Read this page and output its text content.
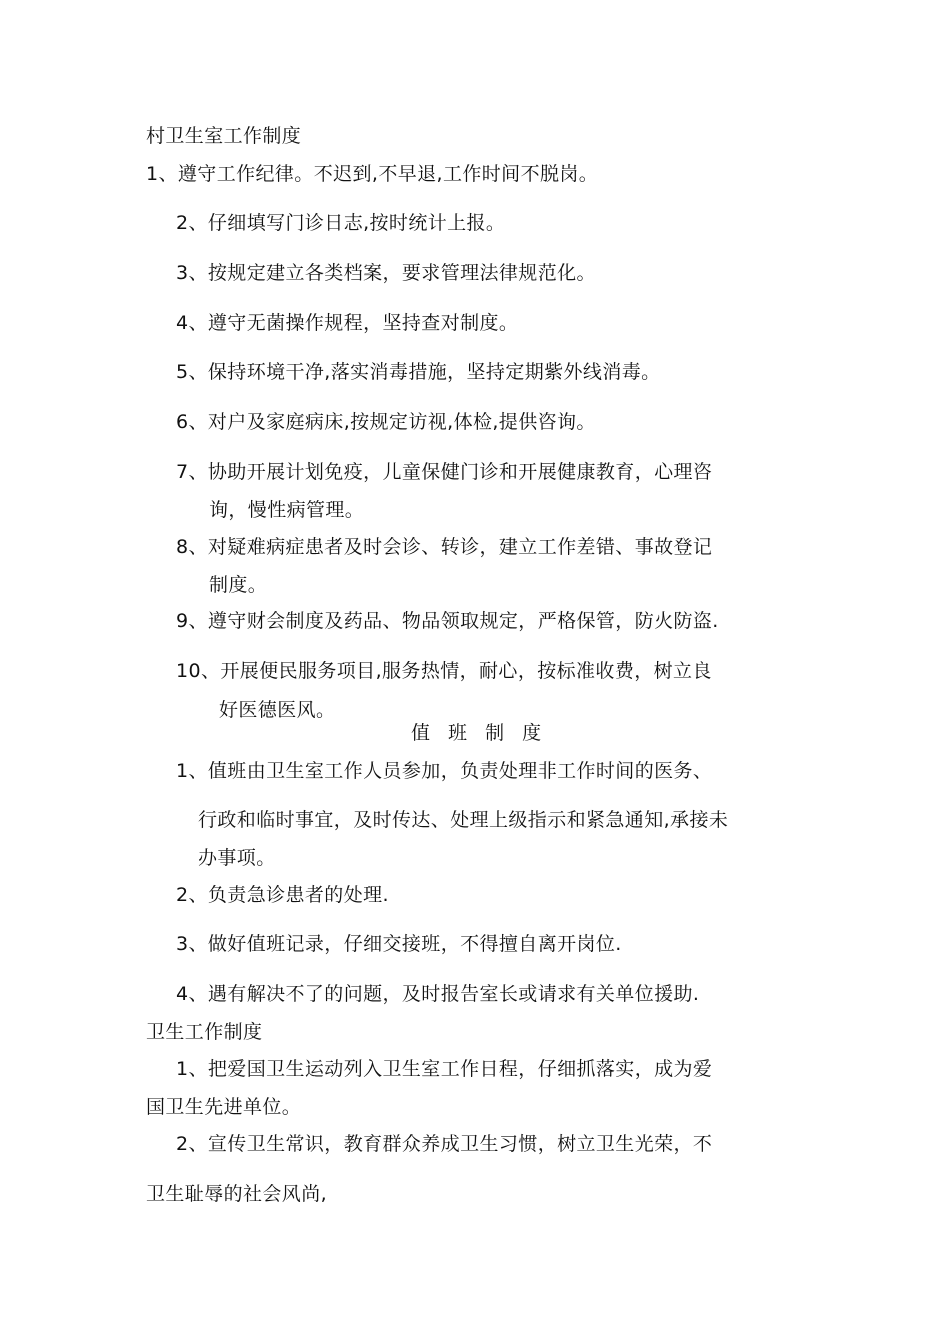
村卫生室工作制度
1、遵守工作纪律。不迟到,不早退,工作时间不脱岗。
2、仔细填写门诊日志,按时统计上报。
3、按规定建立各类档案，要求管理法律规范化。
4、遵守无菌操作规程，坚持查对制度。
5、保持环境干净,落实消毒措施，坚持定期紫外线消毒。
6、对户及家庭病床,按规定访视,体检,提供咨询。
7、协助开展计划免疫，儿童保健门诊和开展健康教育，心理咨
询，慢性病管理。
8、对疑难病症患者及时会诊、转诊，建立工作差错、事故登记
制度。
9、遵守财会制度及药品、物品领取规定，严格保管，防火防盗.
10、开展便民服务项目,服务热情，耐心，按标准收费，树立良
好医德医风。
值 班 制 度
1、值班由卫生室工作人员参加，负责处理非工作时间的医务、
行政和临时事宜，及时传达、处理上级指示和紧急通知,承接未
办事项。
2、负责急诊患者的处理.
3、做好值班记录，仔细交接班，不得擅自离开岗位.
4、遇有解决不了的问题，及时报告室长或请求有关单位援助.
卫生工作制度
1、把爱国卫生运动列入卫生室工作日程，仔细抓落实，成为爱
国卫生先进单位。
2、宣传卫生常识，教育群众养成卫生习惯，树立卫生光荣，不
卫生耻辱的社会风尚,
